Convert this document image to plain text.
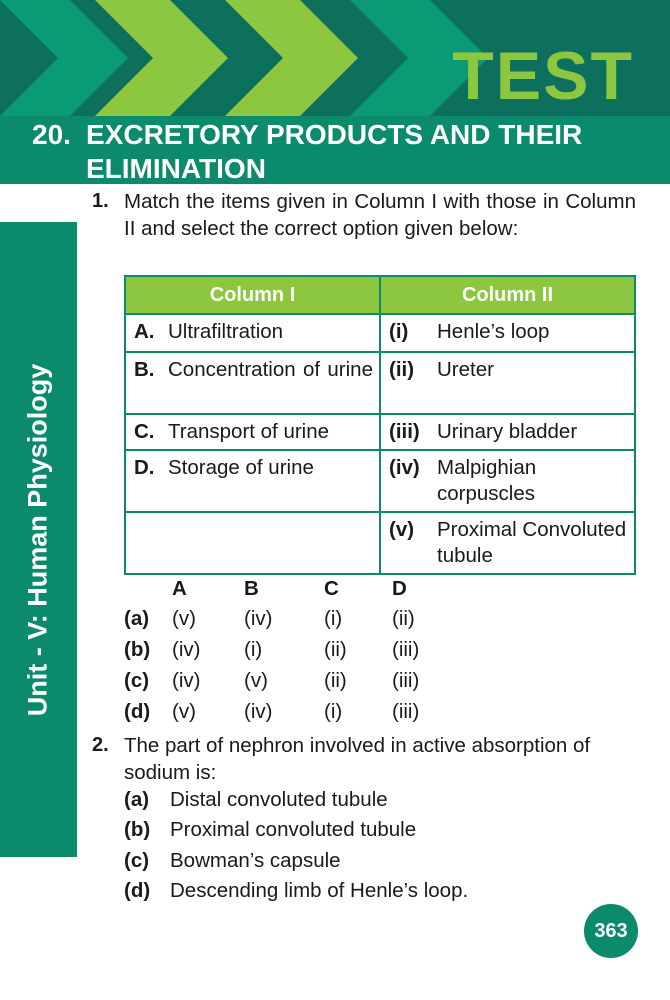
TEST
20. EXCRETORY PRODUCTS AND THEIR
ELIMINATION
Unit - V: Human Physiology
1. Match the items given in Column I with those in Column II and select the correct option given below:
Column I	Column II

A. Ultrafiltration	(i) Henle’s loop

B. Concentration of urine	(ii) Ureter

C. Transport of urine	(iii) Urinary bladder

D. Storage of urine	(iv) Malpighian corpuscles

	(v) Proximal Convoluted tubule
A	B	C	D
(a) (v) (iv)	(i) (ii)
(b) (iv) (i)	(ii) (iii)
(c) (iv) (v)	(ii) (iii)
(d) (v) (iv)	(i) (iii)
2. The part of nephron involved in active absorption of sodium is:
(a) Distal convoluted tubule
(b) Proximal convoluted tubule
(c) Bowman’s capsule
(d) Descending limb of Henle’s loop.
363
